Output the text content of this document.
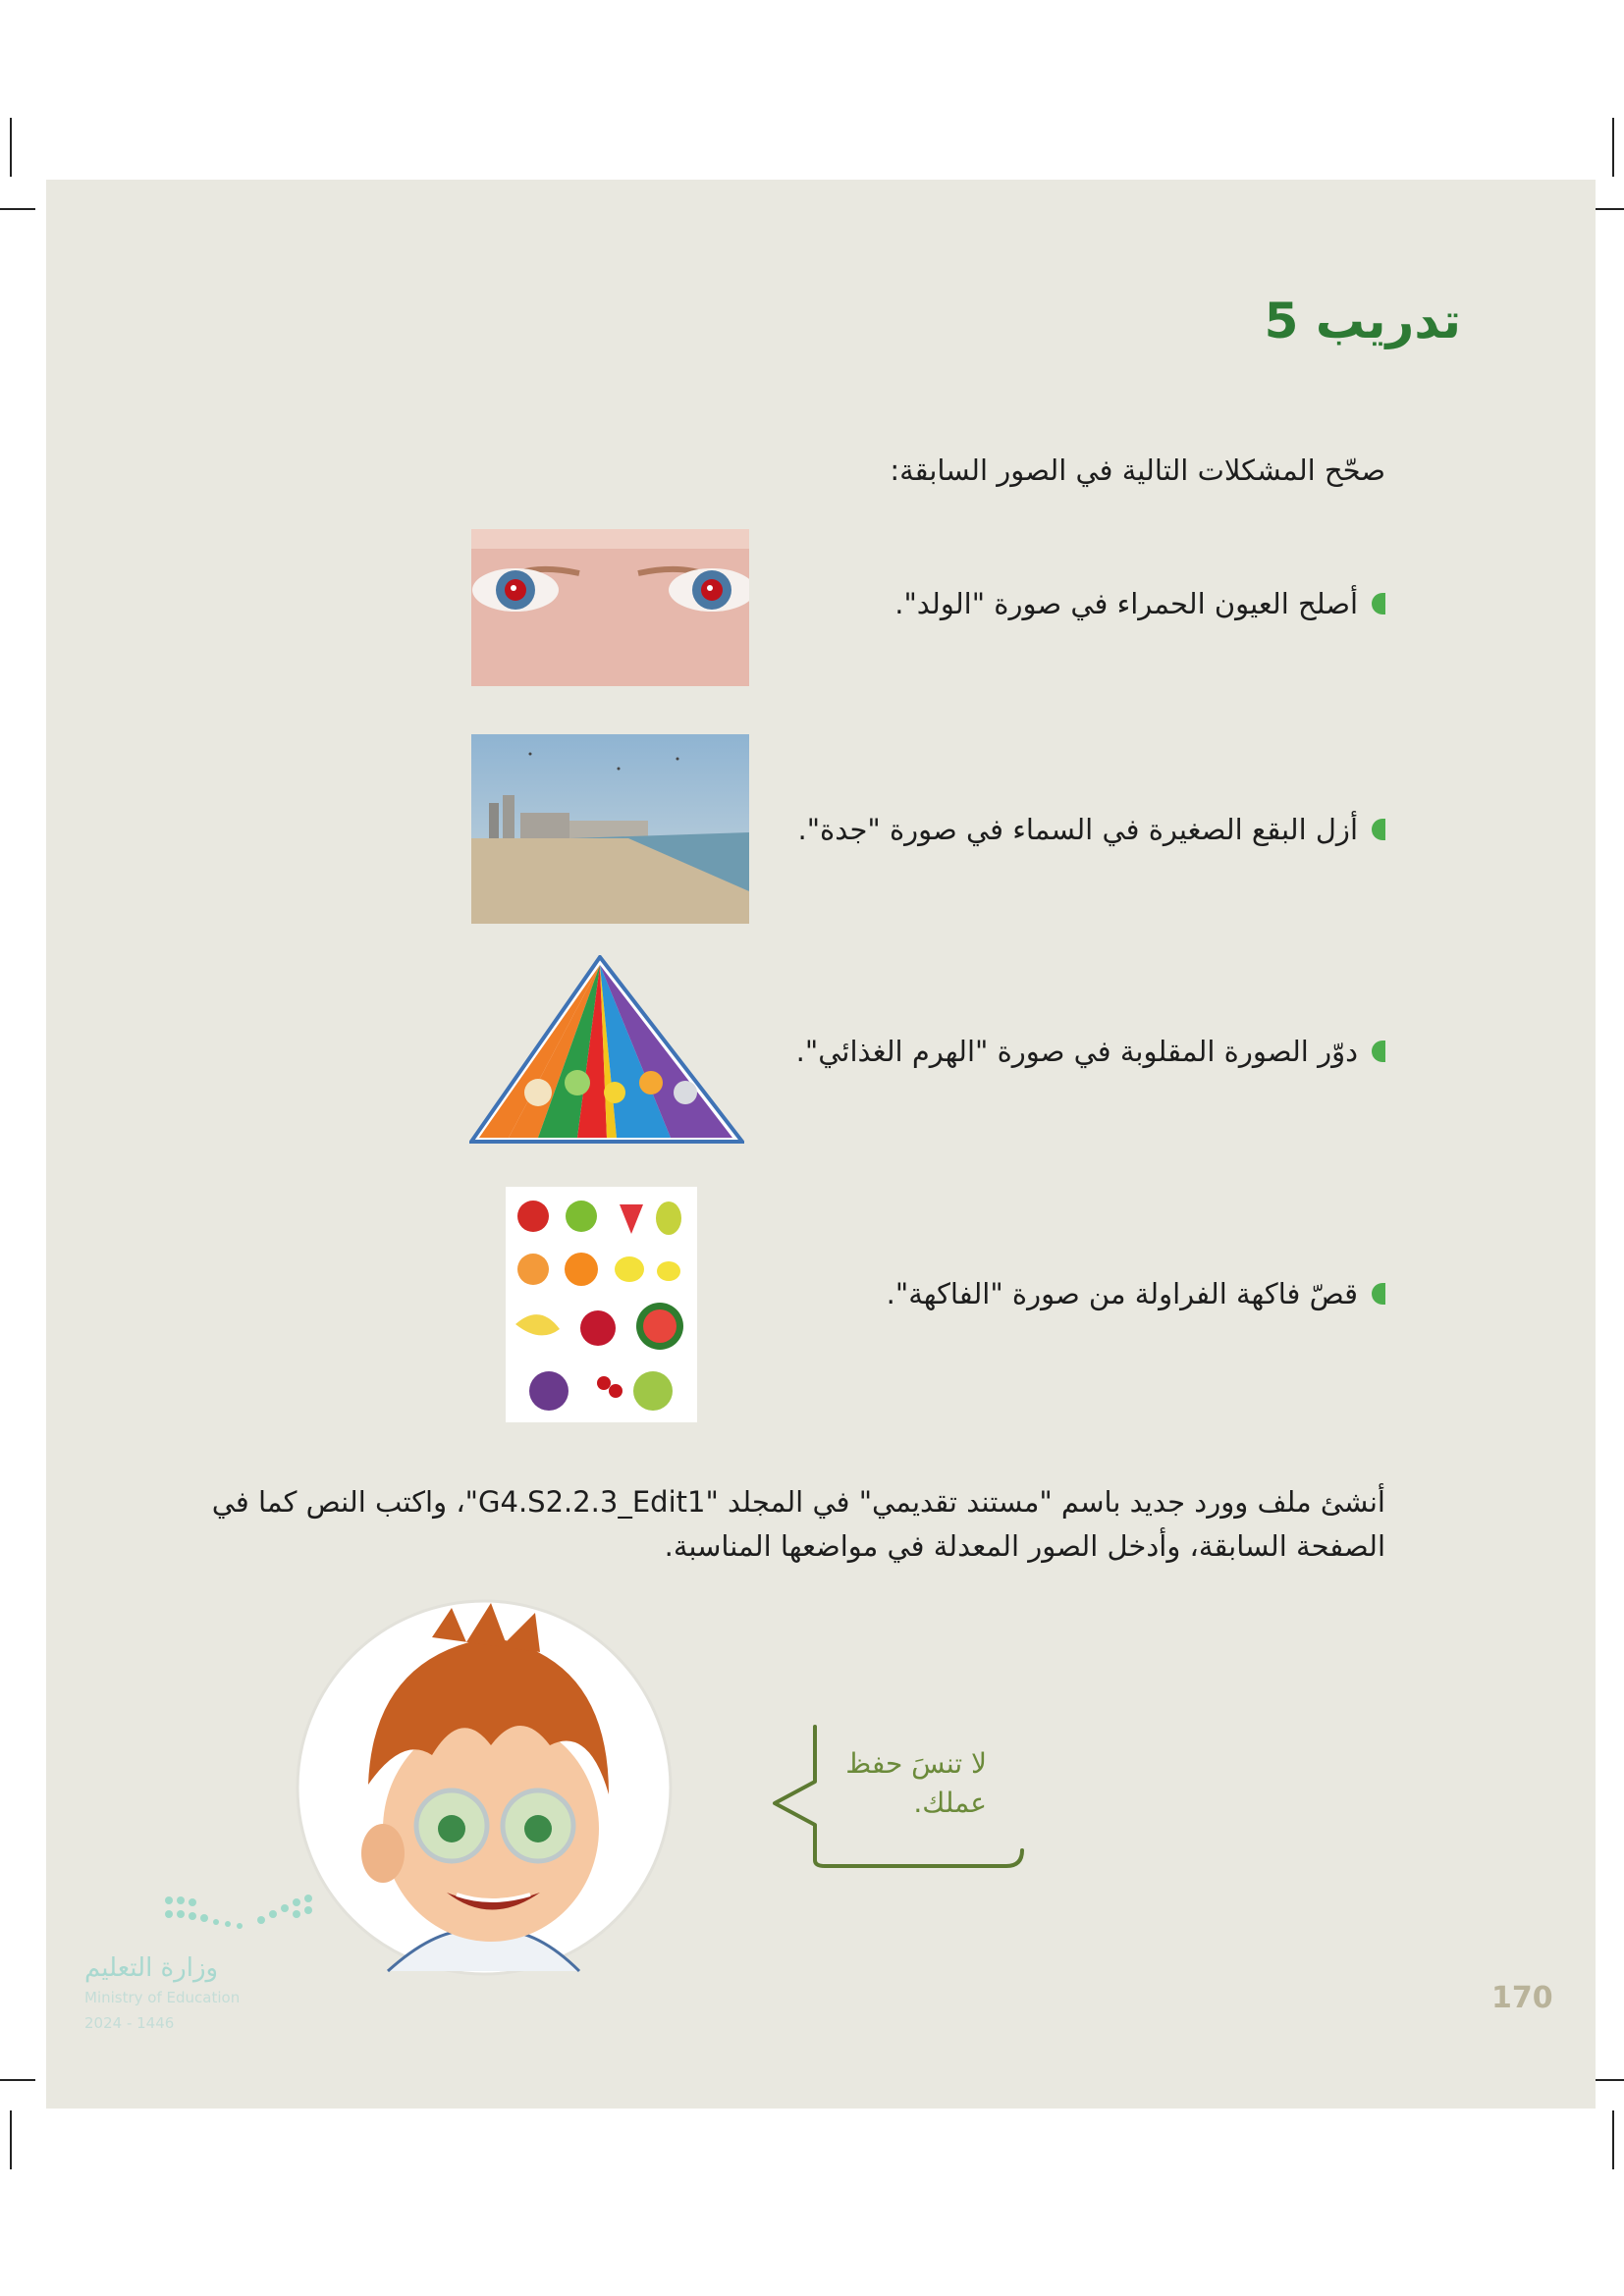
تدريب 5
صحّح المشكلات التالية في الصور السابقة:
أصلح العيون الحمراء في صورة "الولد".
أزل البقع الصغيرة في السماء في صورة "جدة".
دوّر الصورة المقلوبة في صورة "الهرم الغذائي".
قصّ فاكهة الفراولة من صورة "الفاكهة".
أنشئ ملف وورد جديد باسم "مستند تقديمي" في المجلد "G4.S2.2.3_Edit1"، واكتب النص كما في الصفحة السابقة، وأدخل الصور المعدلة في مواضعها المناسبة.
لا تنسَ حفظ عملك.
وزارة التعليم
Ministry of Education
2024 - 1446
170
